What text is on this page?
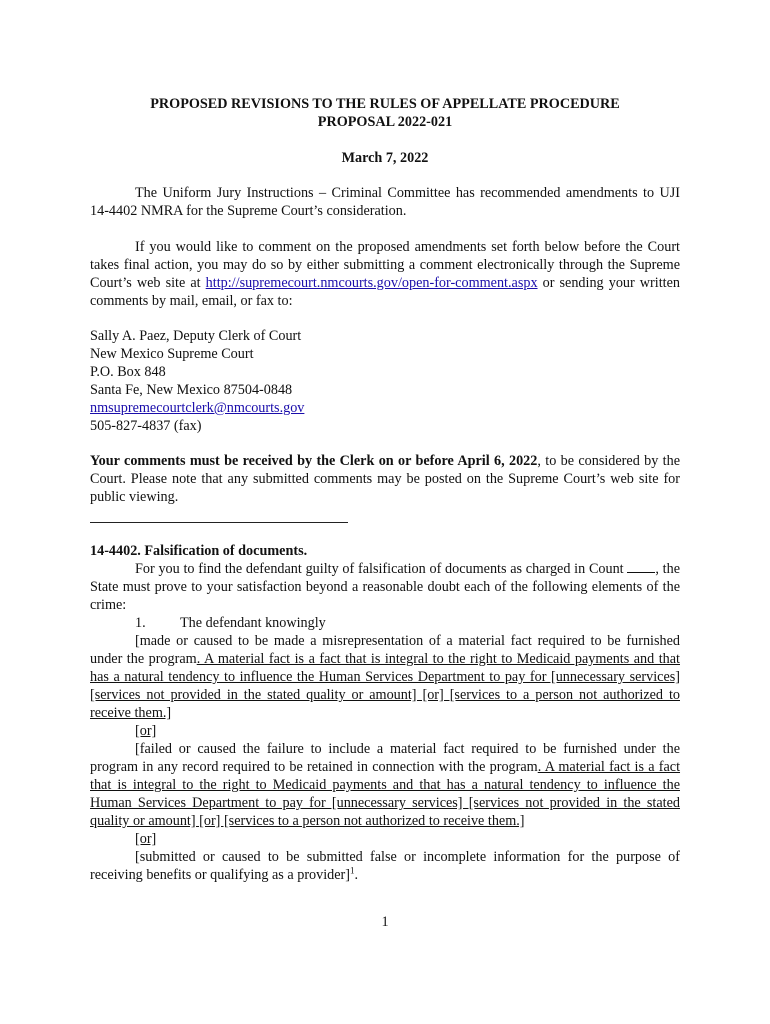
PROPOSED REVISIONS TO THE RULES OF APPELLATE PROCEDURE
PROPOSAL 2022-021
March 7, 2022
The Uniform Jury Instructions – Criminal Committee has recommended amendments to UJI 14-4402 NMRA for the Supreme Court’s consideration.
If you would like to comment on the proposed amendments set forth below before the Court takes final action, you may do so by either submitting a comment electronically through the Supreme Court’s web site at http://supremecourt.nmcourts.gov/open-for-comment.aspx or sending your written comments by mail, email, or fax to:
Sally A. Paez, Deputy Clerk of Court
New Mexico Supreme Court
P.O. Box 848
Santa Fe, New Mexico 87504-0848
nmsupremecourtclerk@nmcourts.gov
505-827-4837 (fax)
Your comments must be received by the Clerk on or before April 6, 2022, to be considered by the Court. Please note that any submitted comments may be posted on the Supreme Court’s web site for public viewing.
14-4402. Falsification of documents.
For you to find the defendant guilty of falsification of documents as charged in Count , the State must prove to your satisfaction beyond a reasonable doubt each of the following elements of the crime:
1. The defendant knowingly
[made or caused to be made a misrepresentation of a material fact required to be furnished under the program. A material fact is a fact that is integral to the right to Medicaid payments and that has a natural tendency to influence the Human Services Department to pay for [unnecessary services] [services not provided in the stated quality or amount] [or] [services to a person not authorized to receive them.]
[or]
[failed or caused the failure to include a material fact required to be furnished under the program in any record required to be retained in connection with the program. A material fact is a fact that is integral to the right to Medicaid payments and that has a natural tendency to influence the Human Services Department to pay for [unnecessary services] [services not provided in the stated quality or amount] [or] [services to a person not authorized to receive them.]
[or]
[submitted or caused to be submitted false or incomplete information for the purpose of receiving benefits or qualifying as a provider]$^1$.
1
